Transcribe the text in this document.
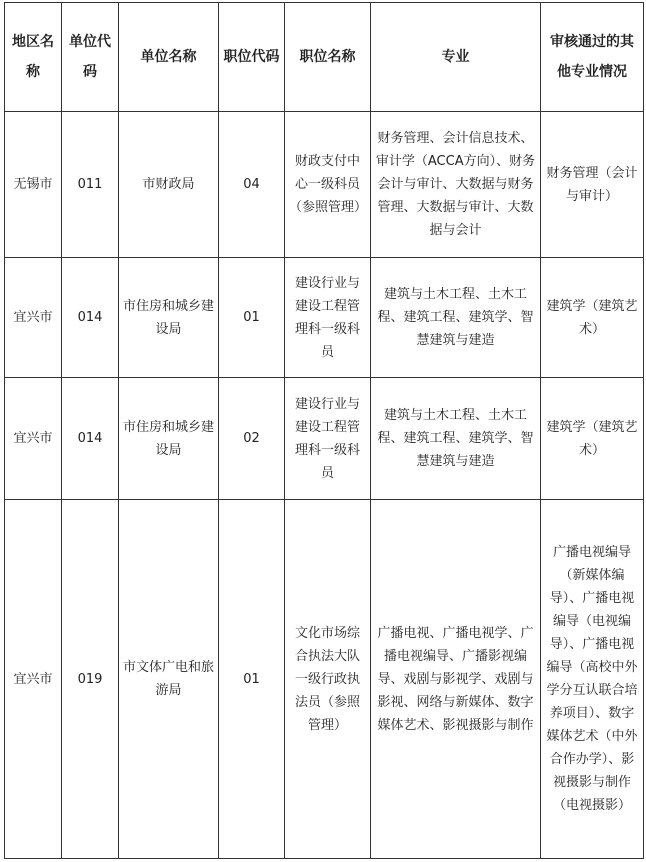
地区名称	单位代码	单位名称	职位代码	职位名称	专业	审核通过的其他专业情况
无锡市	011	市财政局	04	财政支付中心一级科员（参照管理）	财务管理、会计信息技术、审计学（ACCA方向）、财务会计与审计、大数据与财务管理、大数据与审计、大数据与会计	财务管理（会计与审计）
宜兴市	014	市住房和城乡建设局	01	建设行业与建设工程管理科一级科员	建筑与土木工程、土木工程、建筑工程、建筑学、智慧建筑与建造	建筑学（建筑艺术）
宜兴市	014	市住房和城乡建设局	02	建设行业与建设工程管理科一级科员	建筑与土木工程、土木工程、建筑工程、建筑学、智慧建筑与建造	建筑学（建筑艺术）
宜兴市	019	市文体广电和旅游局	01	文化市场综合执法大队一级行政执法员（参照管理）	广播电视、广播电视学、广播电视编导、广播影视编导、戏剧与影视学、戏剧与影视、网络与新媒体、数字媒体艺术、影视摄影与制作	广播电视编导（新媒体编导）、广播电视编导（电视编导）、广播电视编导（高校中外学分互认联合培养项目）、数字媒体艺术（中外合作办学）、影视摄影与制作（电视摄影）
